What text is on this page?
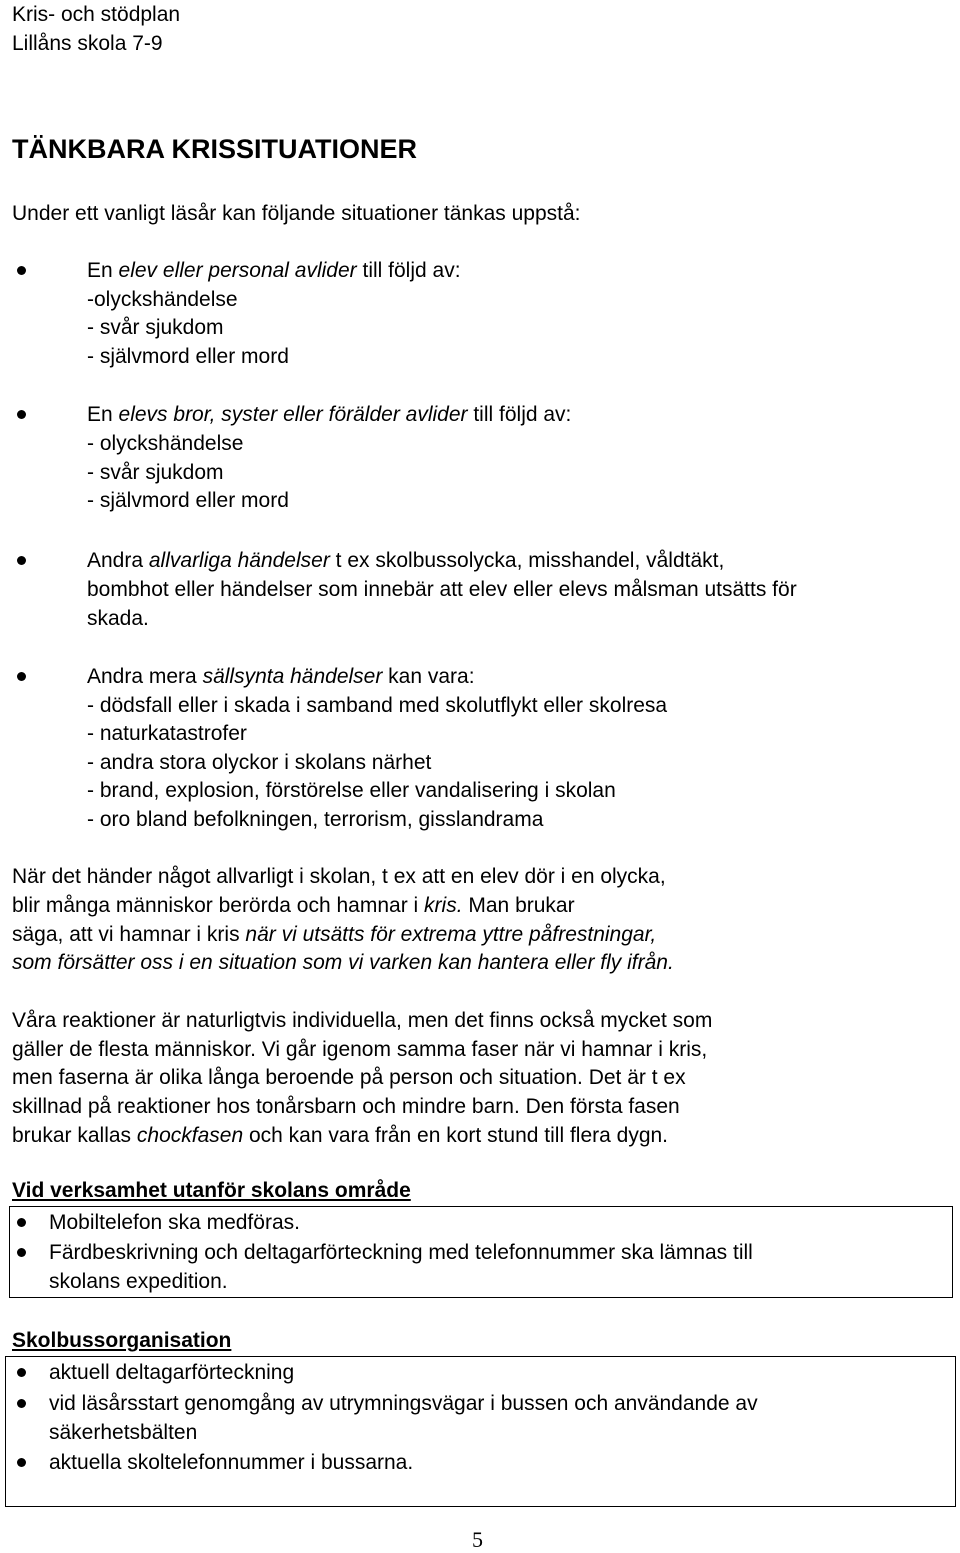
Kris- och stödplan
Lillåns skola 7-9
TÄNKBARA KRISSITUATIONER
Under ett vanligt läsår kan följande situationer tänkas uppstå:
En elev eller personal avlider till följd av:
-olyckshändelse
- svår sjukdom
- självmord eller mord
En elevs bror, syster eller förälder avlider till följd av:
- olyckshändelse
- svår sjukdom
- självmord eller mord
Andra allvarliga händelser t ex skolbussolycka, misshandel, våldtäkt,
bombhot eller händelser som innebär att elev eller elevs målsman utsätts för
skada.
Andra mera sällsynta händelser kan vara:
- dödsfall eller i skada i samband med skolutflykt eller skolresa
- naturkatastrofer
- andra stora olyckor i skolans närhet
- brand, explosion, förstörelse eller vandalisering i skolan
- oro bland befolkningen, terrorism, gisslandrama
När det händer något allvarligt i skolan, t ex att en elev dör i en olycka,
blir många människor berörda och hamnar i kris. Man brukar
säga, att vi hamnar i kris när vi utsätts för extrema yttre påfrestningar,
som försätter oss i en situation som vi varken kan hantera eller fly ifrån.
Våra reaktioner är naturligtvis individuella, men det finns också mycket som
gäller de flesta människor. Vi går igenom samma faser när vi hamnar i kris,
men faserna är olika långa beroende på person och situation. Det är t ex
skillnad på reaktioner hos tonårsbarn och mindre barn. Den första fasen
brukar kallas chockfasen och kan vara från en kort stund till flera dygn.
Vid verksamhet utanför skolans område
Mobiltelefon ska medföras.
Färdbeskrivning och deltagarförteckning med telefonnummer ska lämnas till
skolans expedition.
Skolbussorganisation
aktuell deltagarförteckning
vid läsårsstart genomgång av utrymningsvägar i bussen och användande av
säkerhetsbälten
aktuella skoltelefonnummer i bussarna.
5
